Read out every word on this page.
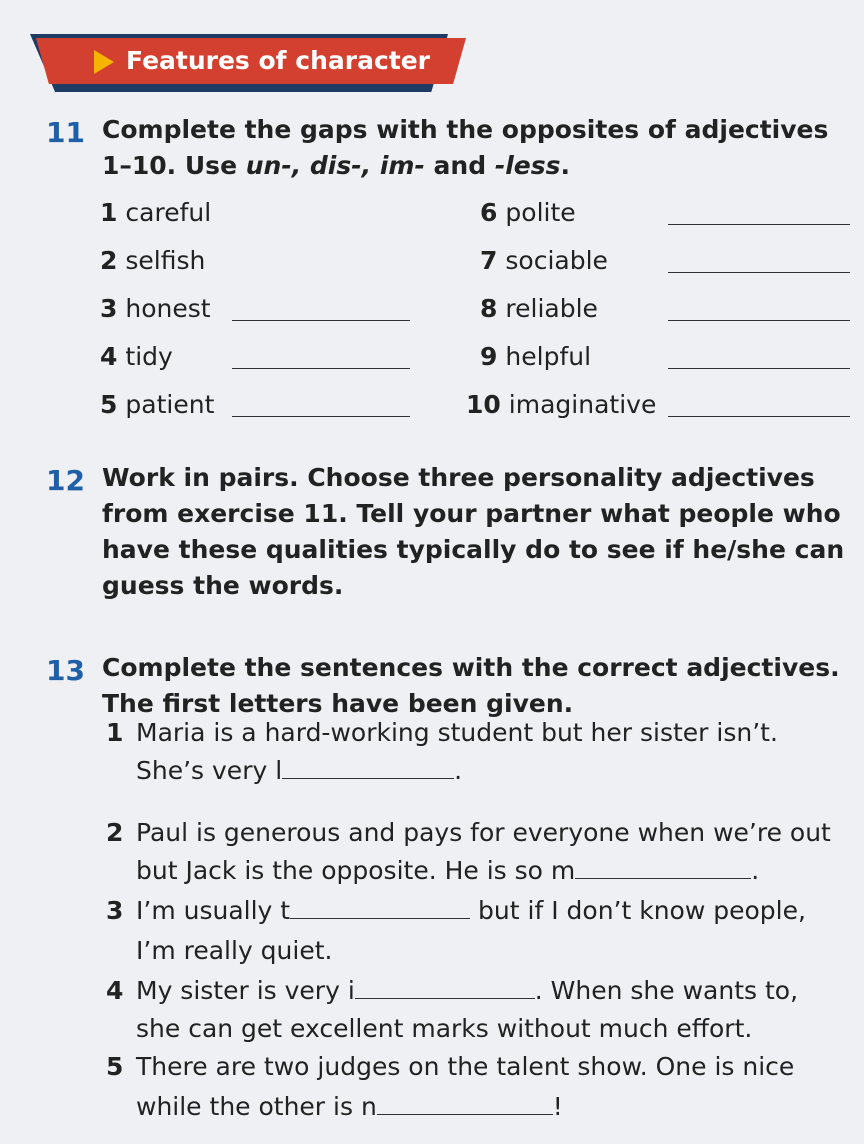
Features of character
11 Complete the gaps with the opposites of adjectives
1–10. Use un-, dis-, im- and -less.
1 careful
2 selfish
3 honest
4 tidy
5 patient
6 polite
7 sociable
8 reliable
9 helpful
10 imaginative
12 Work in pairs. Choose three personality adjectives
from exercise 11. Tell your partner what people who
have these qualities typically do to see if he/she can
guess the words.
13 Complete the sentences with the correct adjectives.
The first letters have been given.
1 Maria is a hard-working student but her sister isn’t.
She’s very l	.
2 Paul is generous and pays for everyone when we’re out
but Jack is the opposite. He is so m	.
3 I’m usually t	but if I don’t know people,
I’m really quiet.
4 My sister is very i	. When she wants to,
she can get excellent marks without much effort.
5 There are two judges on the talent show. One is nice
while the other is n	!
